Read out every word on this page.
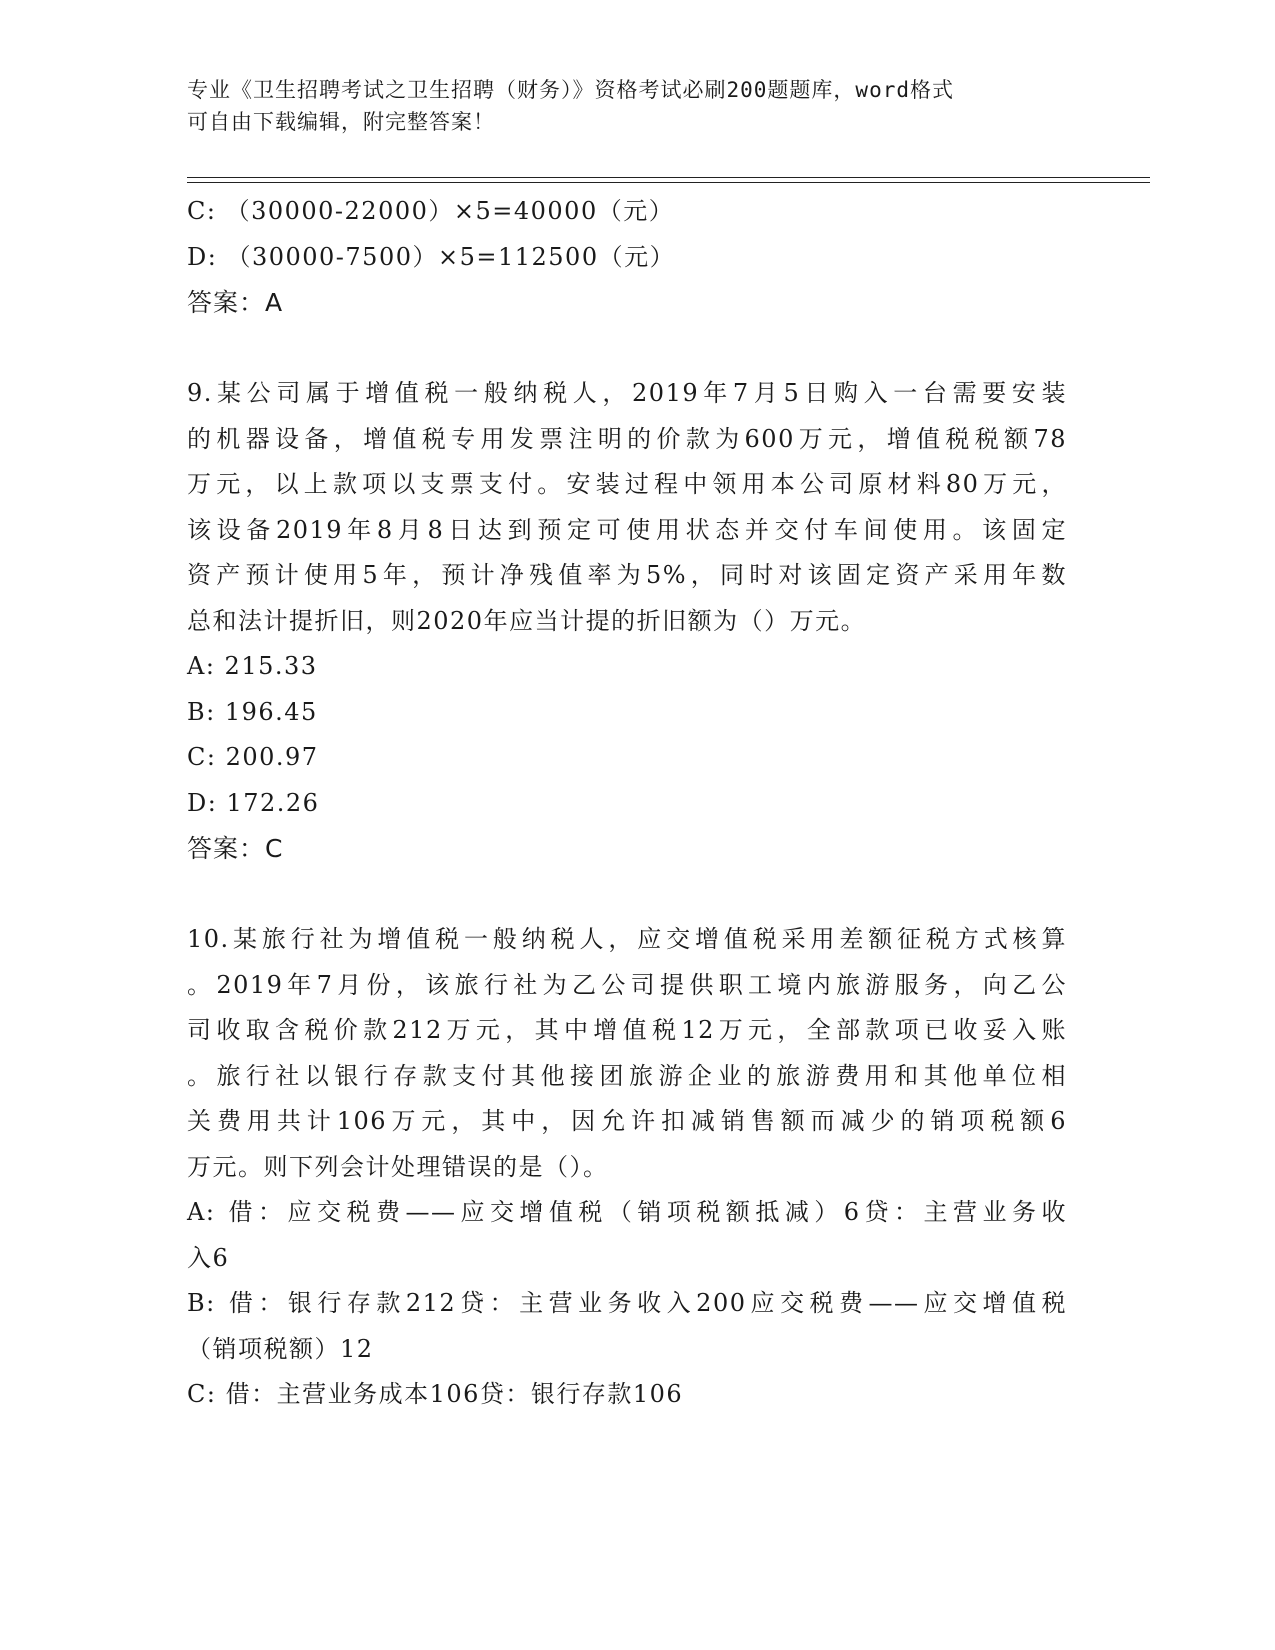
专业《卫生招聘考试之卫生招聘（财务）》资格考试必刷200题题库，word格式
可自由下载编辑，附完整答案！
C: （30000-22000）×5=40000（元）
D: （30000-7500）×5=112500（元）
答案：A
9.某公司属于增值税一般纳税人，2019年7月5日购入一台需要安装
的机器设备，增值税专用发票注明的价款为600万元，增值税税额78
万元，以上款项以支票支付。安装过程中领用本公司原材料80万元，
该设备2019年8月8日达到预定可使用状态并交付车间使用。该固定
资产预计使用5年，预计净残值率为5%，同时对该固定资产采用年数
总和法计提折旧，则2020年应当计提的折旧额为（）万元。
A: 215.33
B: 196.45
C: 200.97
D: 172.26
答案：C
10.某旅行社为增值税一般纳税人，应交增值税采用差额征税方式核算
。2019年7月份，该旅行社为乙公司提供职工境内旅游服务，向乙公
司收取含税价款212万元，其中增值税12万元，全部款项已收妥入账
。旅行社以银行存款支付其他接团旅游企业的旅游费用和其他单位相
关费用共计106万元，其中，因允许扣减销售额而减少的销项税额6
万元。则下列会计处理错误的是（）。
A: 借：应交税费——应交增值税（销项税额抵减）6贷：主营业务收
入6
B: 借：银行存款212贷：主营业务收入200应交税费——应交增值税
（销项税额）12
C: 借：主营业务成本106贷：银行存款106
